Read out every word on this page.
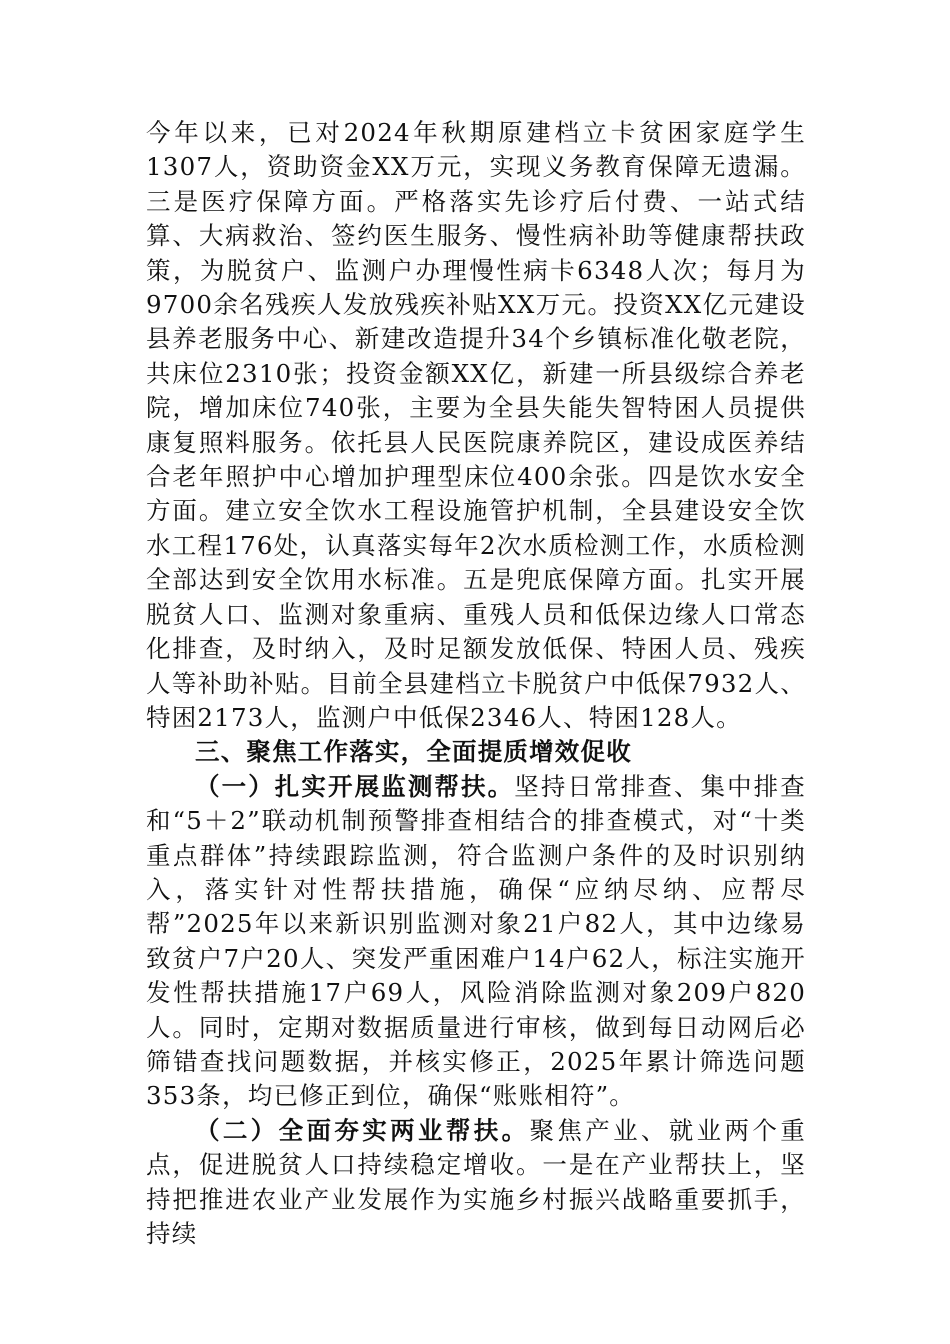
今年以来，已对2024年秋期原建档立卡贫困家庭学生1307人，资助资金XX万元，实现义务教育保障无遗漏。三是医疗保障方面。严格落实先诊疗后付费、一站式结算、大病救治、签约医生服务、慢性病补助等健康帮扶政策，为脱贫户、监测户办理慢性病卡6348人次；每月为9700余名残疾人发放残疾补贴XX万元。投资XX亿元建设县养老服务中心、新建改造提升34个乡镇标准化敬老院，共床位2310张；投资金额XX亿，新建一所县级综合养老院，增加床位740张，主要为全县失能失智特困人员提供康复照料服务。依托县人民医院康养院区，建设成医养结合老年照护中心增加护理型床位400余张。四是饮水安全方面。建立安全饮水工程设施管护机制，全县建设安全饮水工程176处，认真落实每年2次水质检测工作，水质检测全部达到安全饮用水标准。五是兜底保障方面。扎实开展脱贫人口、监测对象重病、重残人员和低保边缘人口常态化排查，及时纳入，及时足额发放低保、特困人员、残疾人等补助补贴。目前全县建档立卡脱贫户中低保7932人、特困2173人，监测户中低保2346人、特困128人。

三、聚焦工作落实，全面提质增效促收

（一）扎实开展监测帮扶。坚持日常排查、集中排查和“5＋2”联动机制预警排查相结合的排查模式，对“十类重点群体”持续跟踪监测，符合监测户条件的及时识别纳入，落实针对性帮扶措施，确保“应纳尽纳、应帮尽帮”2025年以来新识别监测对象21户82人，其中边缘易致贫户7户20人、突发严重困难户14户62人，标注实施开发性帮扶措施17户69人，风险消除监测对象209户820人。同时，定期对数据质量进行审核，做到每日动网后必筛错查找问题数据，并核实修正，2025年累计筛选问题353条，均已修正到位，确保“账账相符”。

（二）全面夯实两业帮扶。聚焦产业、就业两个重点，促进脱贫人口持续稳定增收。一是在产业帮扶上，坚持把推进农业产业发展作为实施乡村振兴战略重要抓手，持续
